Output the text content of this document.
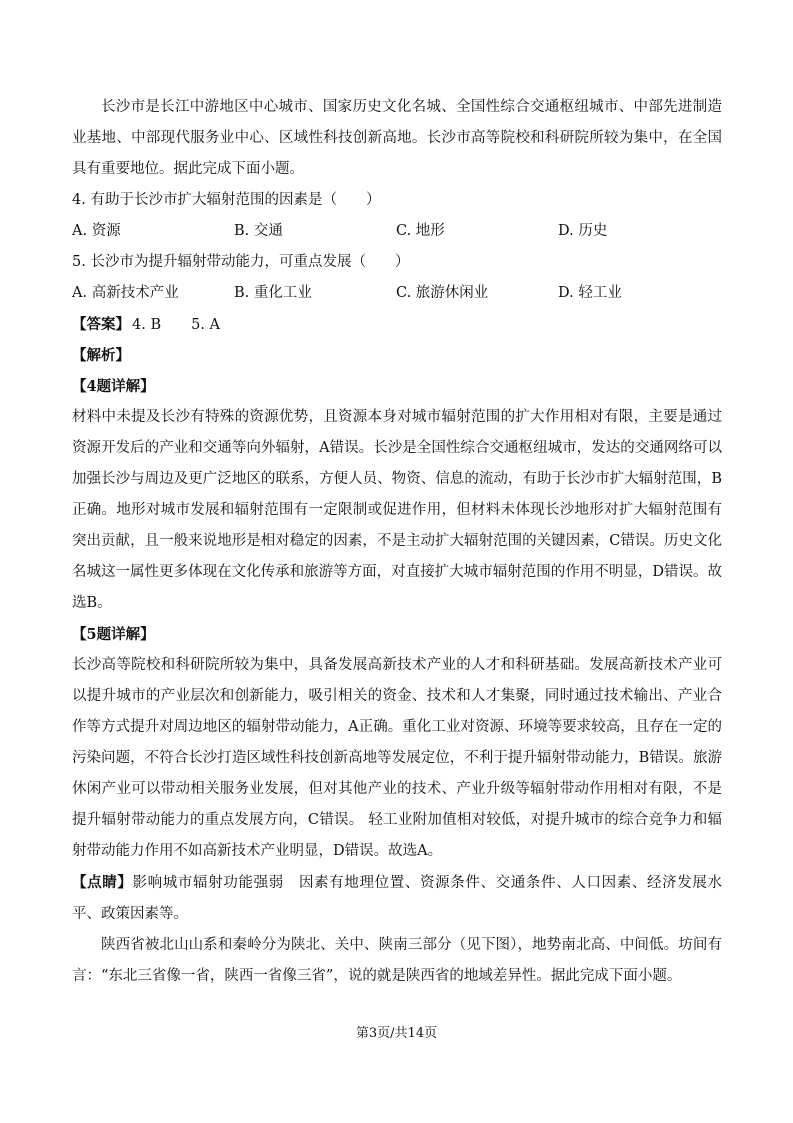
长沙市是长江中游地区中心城市、国家历史文化名城、全国性综合交通枢纽城市、中部先进制造业基地、中部现代服务业中心、区域性科技创新高地。长沙市高等院校和科研院所较为集中，在全国具有重要地位。据此完成下面小题。

4. 有助于长沙市扩大辐射范围的因素是（　　）
A. 资源	B. 交通	C. 地形	D. 历史
5. 长沙市为提升辐射带动能力，可重点发展（　　）
A. 高新技术产业	B. 重化工业	C. 旅游休闲业	D. 轻工业
【答案】 4. B 5. A
【解析】
【4题详解】

材料中未提及长沙有特殊的资源优势，且资源本身对城市辐射范围的扩大作用相对有限，主要是通过资源开发后的产业和交通等向外辐射，A错误。长沙是全国性综合交通枢纽城市，发达的交通网络可以加强长沙与周边及更广泛地区的联系，方便人员、物资、信息的流动，有助于长沙市扩大辐射范围，B正确。地形对城市发展和辐射范围有一定限制或促进作用，但材料未体现长沙地形对扩大辐射范围有突出贡献，且一般来说地形是相对稳定的因素，不是主动扩大辐射范围的关键因素，C错误。历史文化名城这一属性更多体现在文化传承和旅游等方面，对直接扩大城市辐射范围的作用不明显，D错误。故选B。

【5题详解】

长沙高等院校和科研院所较为集中，具备发展高新技术产业的人才和科研基础。发展高新技术产业可以提升城市的产业层次和创新能力，吸引相关的资金、技术和人才集聚，同时通过技术输出、产业合作等方式提升对周边地区的辐射带动能力，A正确。重化工业对资源、环境等要求较高，且存在一定的污染问题，不符合长沙打造区域性科技创新高地等发展定位，不利于提升辐射带动能力，B错误。旅游休闲产业可以带动相关服务业发展，但对其他产业的技术、产业升级等辐射带动作用相对有限，不是提升辐射带动能力的重点发展方向，C错误。 轻工业附加值相对较低，对提升城市的综合竞争力和辐射带动能力作用不如高新技术产业明显，D错误。故选A。

【点睛】影响城市辐射功能强弱　因素有地理位置、资源条件、交通条件、人口因素、经济发展水平、政策因素等。

陕西省被北山山系和秦岭分为陕北、关中、陕南三部分（见下图），地势南北高、中间低。坊间有言：“东北三省像一省，陕西一省像三省”，说的就是陕西省的地域差异性。据此完成下面小题。

第3页/共14页
